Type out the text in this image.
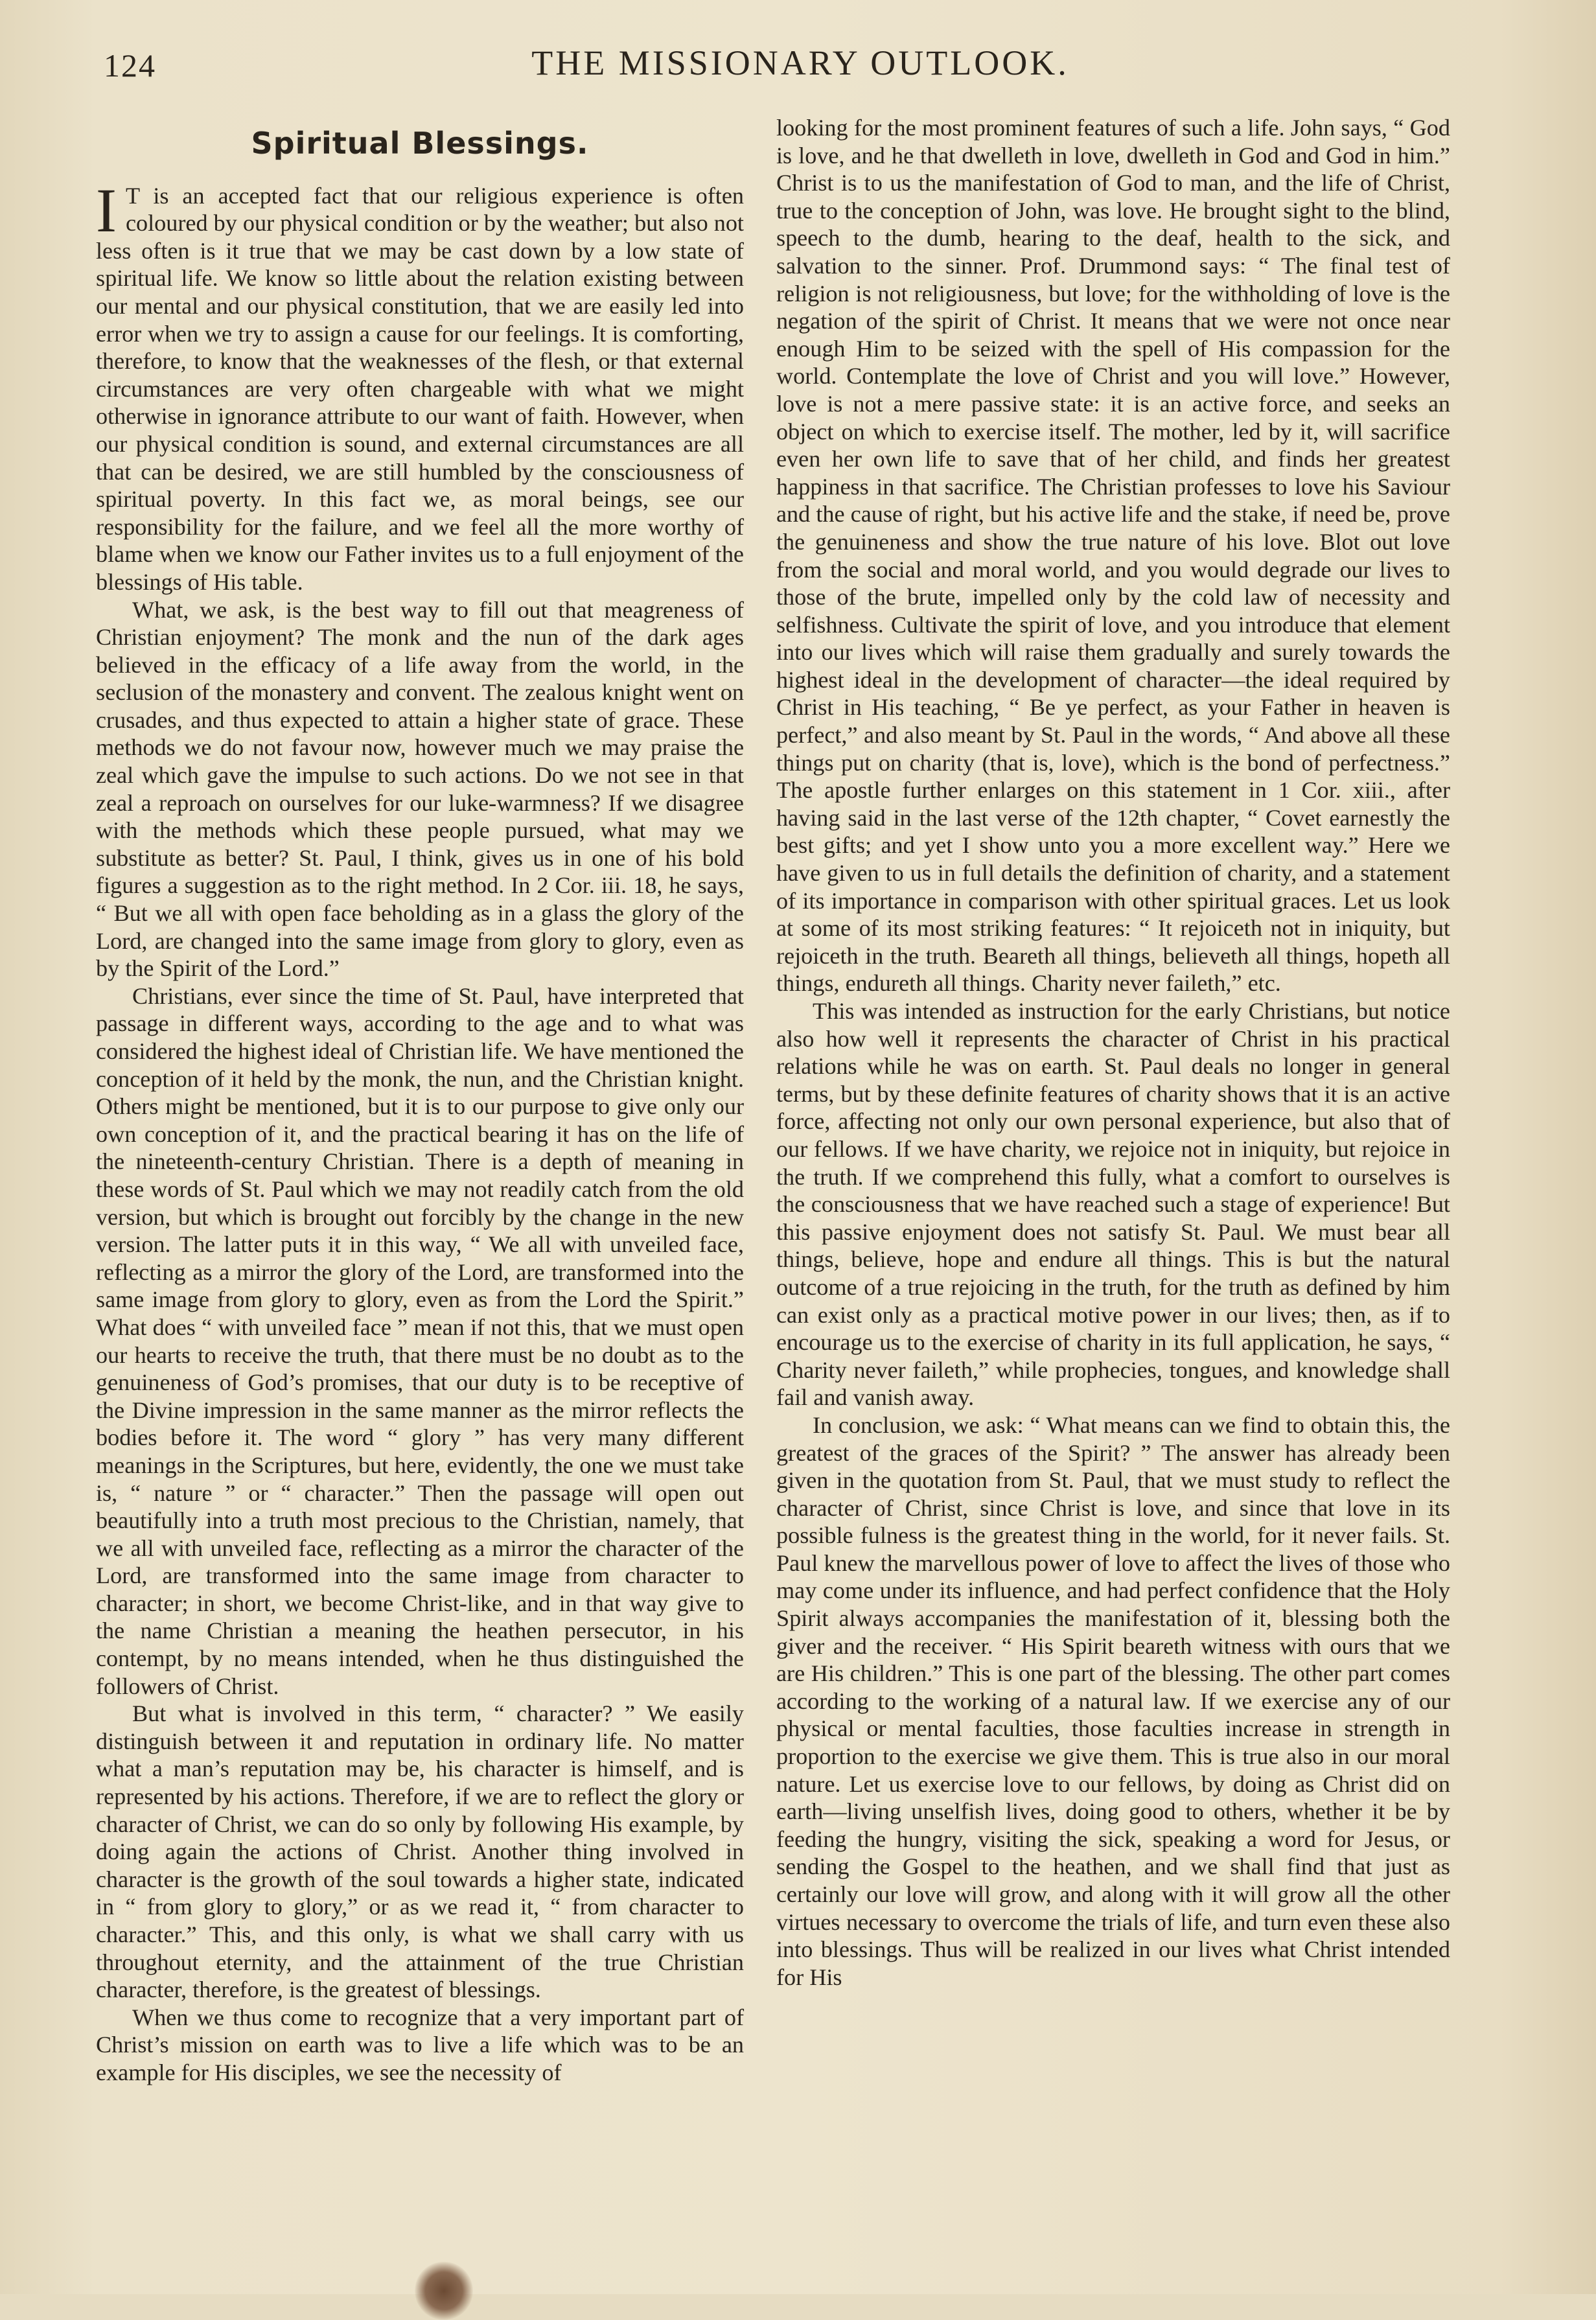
124	THE MISSIONARY OUTLOOK.
Spiritual Blessings.

IT is an accepted fact that our religious experience is often coloured by our physical condition or by the weather; but also not less often is it true that we may be cast down by a low state of spiritual life. We know so little about the relation existing between our mental and our physical constitution, that we are easily led into error when we try to assign a cause for our feelings. It is comforting, therefore, to know that the weaknesses of the flesh, or that external circumstances are very often chargeable with what we might otherwise in ignorance attribute to our want of faith. However, when our physical condition is sound, and external circumstances are all that can be desired, we are still humbled by the consciousness of spiritual poverty. In this fact we, as moral beings, see our responsibility for the failure, and we feel all the more worthy of blame when we know our Father invites us to a full enjoyment of the blessings of His table.

What, we ask, is the best way to fill out that meagreness of Christian enjoyment? The monk and the nun of the dark ages believed in the efficacy of a life away from the world, in the seclusion of the monastery and convent. The zealous knight went on crusades, and thus expected to attain a higher state of grace. These methods we do not favour now, however much we may praise the zeal which gave the impulse to such actions. Do we not see in that zeal a reproach on ourselves for our luke-warmness? If we disagree with the methods which these people pursued, what may we substitute as better? St. Paul, I think, gives us in one of his bold figures a suggestion as to the right method. In 2 Cor. iii. 18, he says, “ But we all with open face beholding as in a glass the glory of the Lord, are changed into the same image from glory to glory, even as by the Spirit of the Lord.”

Christians, ever since the time of St. Paul, have interpreted that passage in different ways, according to the age and to what was considered the highest ideal of Christian life. We have mentioned the conception of it held by the monk, the nun, and the Christian knight. Others might be mentioned, but it is to our purpose to give only our own conception of it, and the practical bearing it has on the life of the nineteenth-century Christian. There is a depth of meaning in these words of St. Paul which we may not readily catch from the old version, but which is brought out forcibly by the change in the new version. The latter puts it in this way, “ We all with unveiled face, reflecting as a mirror the glory of the Lord, are transformed into the same image from glory to glory, even as from the Lord the Spirit.” What does “ with unveiled face ” mean if not this, that we must open our hearts to receive the truth, that there must be no doubt as to the genuineness of God’s promises, that our duty is to be receptive of the Divine impression in the same manner as the mirror reflects the bodies before it. The word “ glory ” has very many different meanings in the Scriptures, but here, evidently, the one we must take is, “ nature ” or “ character.” Then the passage will open out beautifully into a truth most precious to the Christian, namely, that we all with unveiled face, reflecting as a mirror the character of the Lord, are transformed into the same image from character to character; in short, we become Christ-like, and in that way give to the name Christian a meaning the heathen persecutor, in his contempt, by no means intended, when he thus distinguished the followers of Christ.

But what is involved in this term, “ character? ” We easily distinguish between it and reputation in ordinary life. No matter what a man’s reputation may be, his character is himself, and is represented by his actions. Therefore, if we are to reflect the glory or character of Christ, we can do so only by following His example, by doing again the actions of Christ. Another thing involved in character is the growth of the soul towards a higher state, indicated in “ from glory to glory,” or as we read it, “ from character to character.” This, and this only, is what we shall carry with us throughout eternity, and the attainment of the true Christian character, therefore, is the greatest of blessings.

When we thus come to recognize that a very important part of Christ’s mission on earth was to live a life which was to be an example for His disciples, we see the necessity of

looking for the most prominent features of such a life. John says, “ God is love, and he that dwelleth in love, dwelleth in God and God in him.” Christ is to us the manifestation of God to man, and the life of Christ, true to the conception of John, was love. He brought sight to the blind, speech to the dumb, hearing to the deaf, health to the sick, and salvation to the sinner. Prof. Drummond says: “ The final test of religion is not religiousness, but love; for the withholding of love is the negation of the spirit of Christ. It means that we were not once near enough Him to be seized with the spell of His compassion for the world. Contemplate the love of Christ and you will love.” However, love is not a mere passive state: it is an active force, and seeks an object on which to exercise itself. The mother, led by it, will sacrifice even her own life to save that of her child, and finds her greatest happiness in that sacrifice. The Christian professes to love his Saviour and the cause of right, but his active life and the stake, if need be, prove the genuineness and show the true nature of his love. Blot out love from the social and moral world, and you would degrade our lives to those of the brute, impelled only by the cold law of necessity and selfishness. Cultivate the spirit of love, and you introduce that element into our lives which will raise them gradually and surely towards the highest ideal in the development of character—the ideal required by Christ in His teaching, “ Be ye perfect, as your Father in heaven is perfect,” and also meant by St. Paul in the words, “ And above all these things put on charity (that is, love), which is the bond of perfectness.” The apostle further enlarges on this statement in 1 Cor. xiii., after having said in the last verse of the 12th chapter, “ Covet earnestly the best gifts; and yet I show unto you a more excellent way.” Here we have given to us in full details the definition of charity, and a statement of its importance in comparison with other spiritual graces. Let us look at some of its most striking features: “ It rejoiceth not in iniquity, but rejoiceth in the truth. Beareth all things, believeth all things, hopeth all things, endureth all things. Charity never faileth,” etc.

This was intended as instruction for the early Christians, but notice also how well it represents the character of Christ in his practical relations while he was on earth. St. Paul deals no longer in general terms, but by these definite features of charity shows that it is an active force, affecting not only our own personal experience, but also that of our fellows. If we have charity, we rejoice not in iniquity, but rejoice in the truth. If we comprehend this fully, what a comfort to ourselves is the consciousness that we have reached such a stage of experience! But this passive enjoyment does not satisfy St. Paul. We must bear all things, believe, hope and endure all things. This is but the natural outcome of a true rejoicing in the truth, for the truth as defined by him can exist only as a practical motive power in our lives; then, as if to encourage us to the exercise of charity in its full application, he says, “ Charity never faileth,” while prophecies, tongues, and knowledge shall fail and vanish away.

In conclusion, we ask: “ What means can we find to obtain this, the greatest of the graces of the Spirit? ” The answer has already been given in the quotation from St. Paul, that we must study to reflect the character of Christ, since Christ is love, and since that love in its possible fulness is the greatest thing in the world, for it never fails. St. Paul knew the marvellous power of love to affect the lives of those who may come under its influence, and had perfect confidence that the Holy Spirit always accompanies the manifestation of it, blessing both the giver and the receiver. “ His Spirit beareth witness with ours that we are His children.” This is one part of the blessing. The other part comes according to the working of a natural law. If we exercise any of our physical or mental faculties, those faculties increase in strength in proportion to the exercise we give them. This is true also in our moral nature. Let us exercise love to our fellows, by doing as Christ did on earth—living unselfish lives, doing good to others, whether it be by feeding the hungry, visiting the sick, speaking a word for Jesus, or sending the Gospel to the heathen, and we shall find that just as certainly our love will grow, and along with it will grow all the other virtues necessary to overcome the trials of life, and turn even these also into blessings. Thus will be realized in our lives what Christ intended for His
